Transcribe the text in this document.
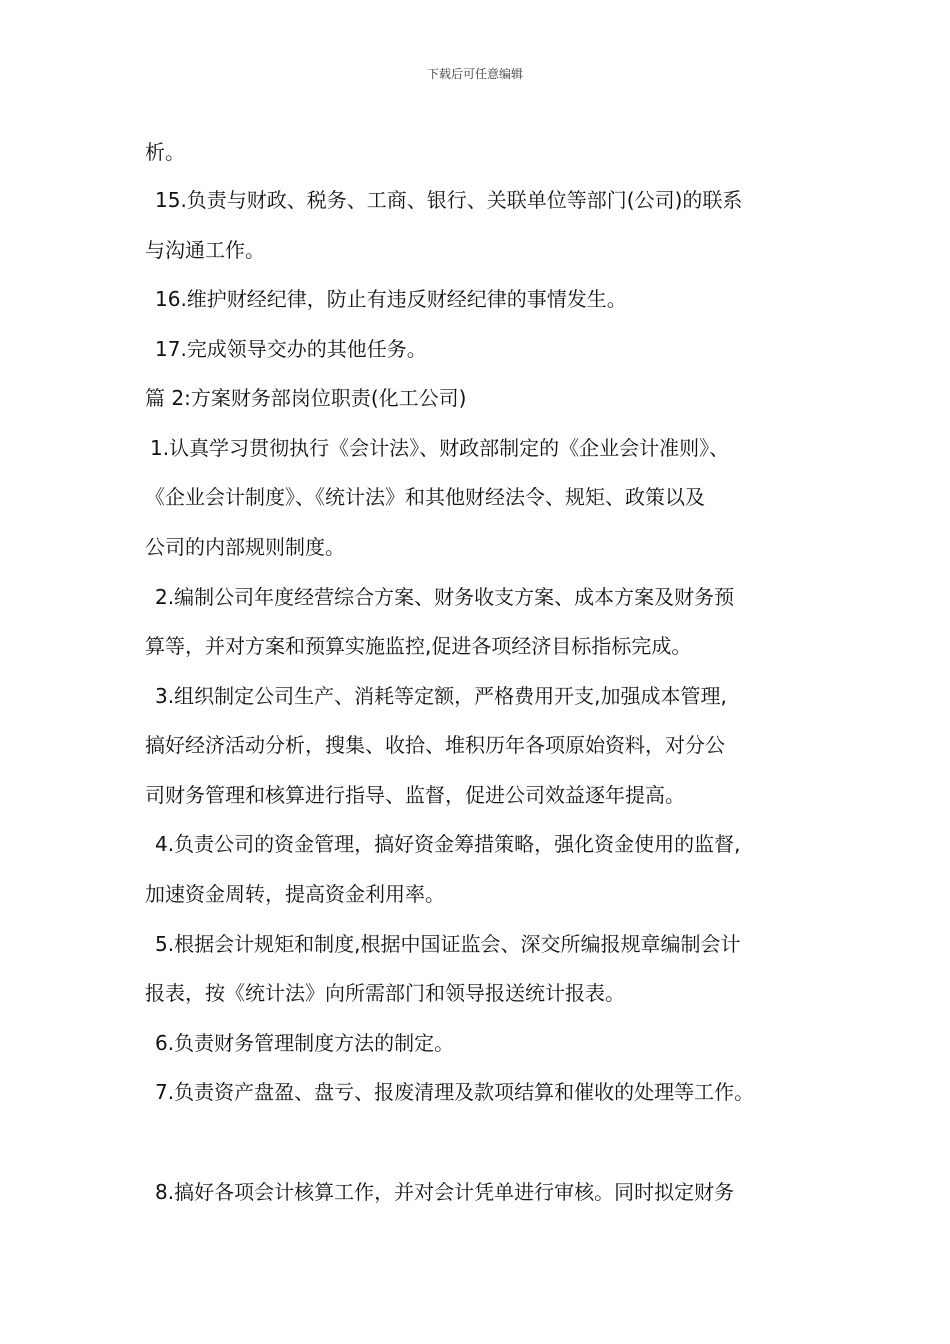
下载后可任意编辑
析。
15.负责与财政、税务、工商、银行、关联单位等部门(公司)的联系
与沟通工作。
16.维护财经纪律，防止有违反财经纪律的事情发生。
17.完成领导交办的其他任务。
篇 2:方案财务部岗位职责(化工公司)
1.认真学习贯彻执行《会计法》、财政部制定的《企业会计准则》、
《企业会计制度》、《统计法》和其他财经法令、规矩、政策以及
公司的内部规则制度。
2.编制公司年度经营综合方案、财务收支方案、成本方案及财务预
算等，并对方案和预算实施监控,促进各项经济目标指标完成。
3.组织制定公司生产、消耗等定额，严格费用开支,加强成本管理,
搞好经济活动分析，搜集、收拾、堆积历年各项原始资料，对分公
司财务管理和核算进行指导、监督，促进公司效益逐年提高。
4.负责公司的资金管理，搞好资金筹措策略，强化资金使用的监督,
加速资金周转，提高资金利用率。
5.根据会计规矩和制度,根据中国证监会、深交所编报规章编制会计
报表，按《统计法》向所需部门和领导报送统计报表。
6.负责财务管理制度方法的制定。
7.负责资产盘盈、盘亏、报废清理及款项结算和催收的处理等工作。
8.搞好各项会计核算工作，并对会计凭单进行审核。同时拟定财务
